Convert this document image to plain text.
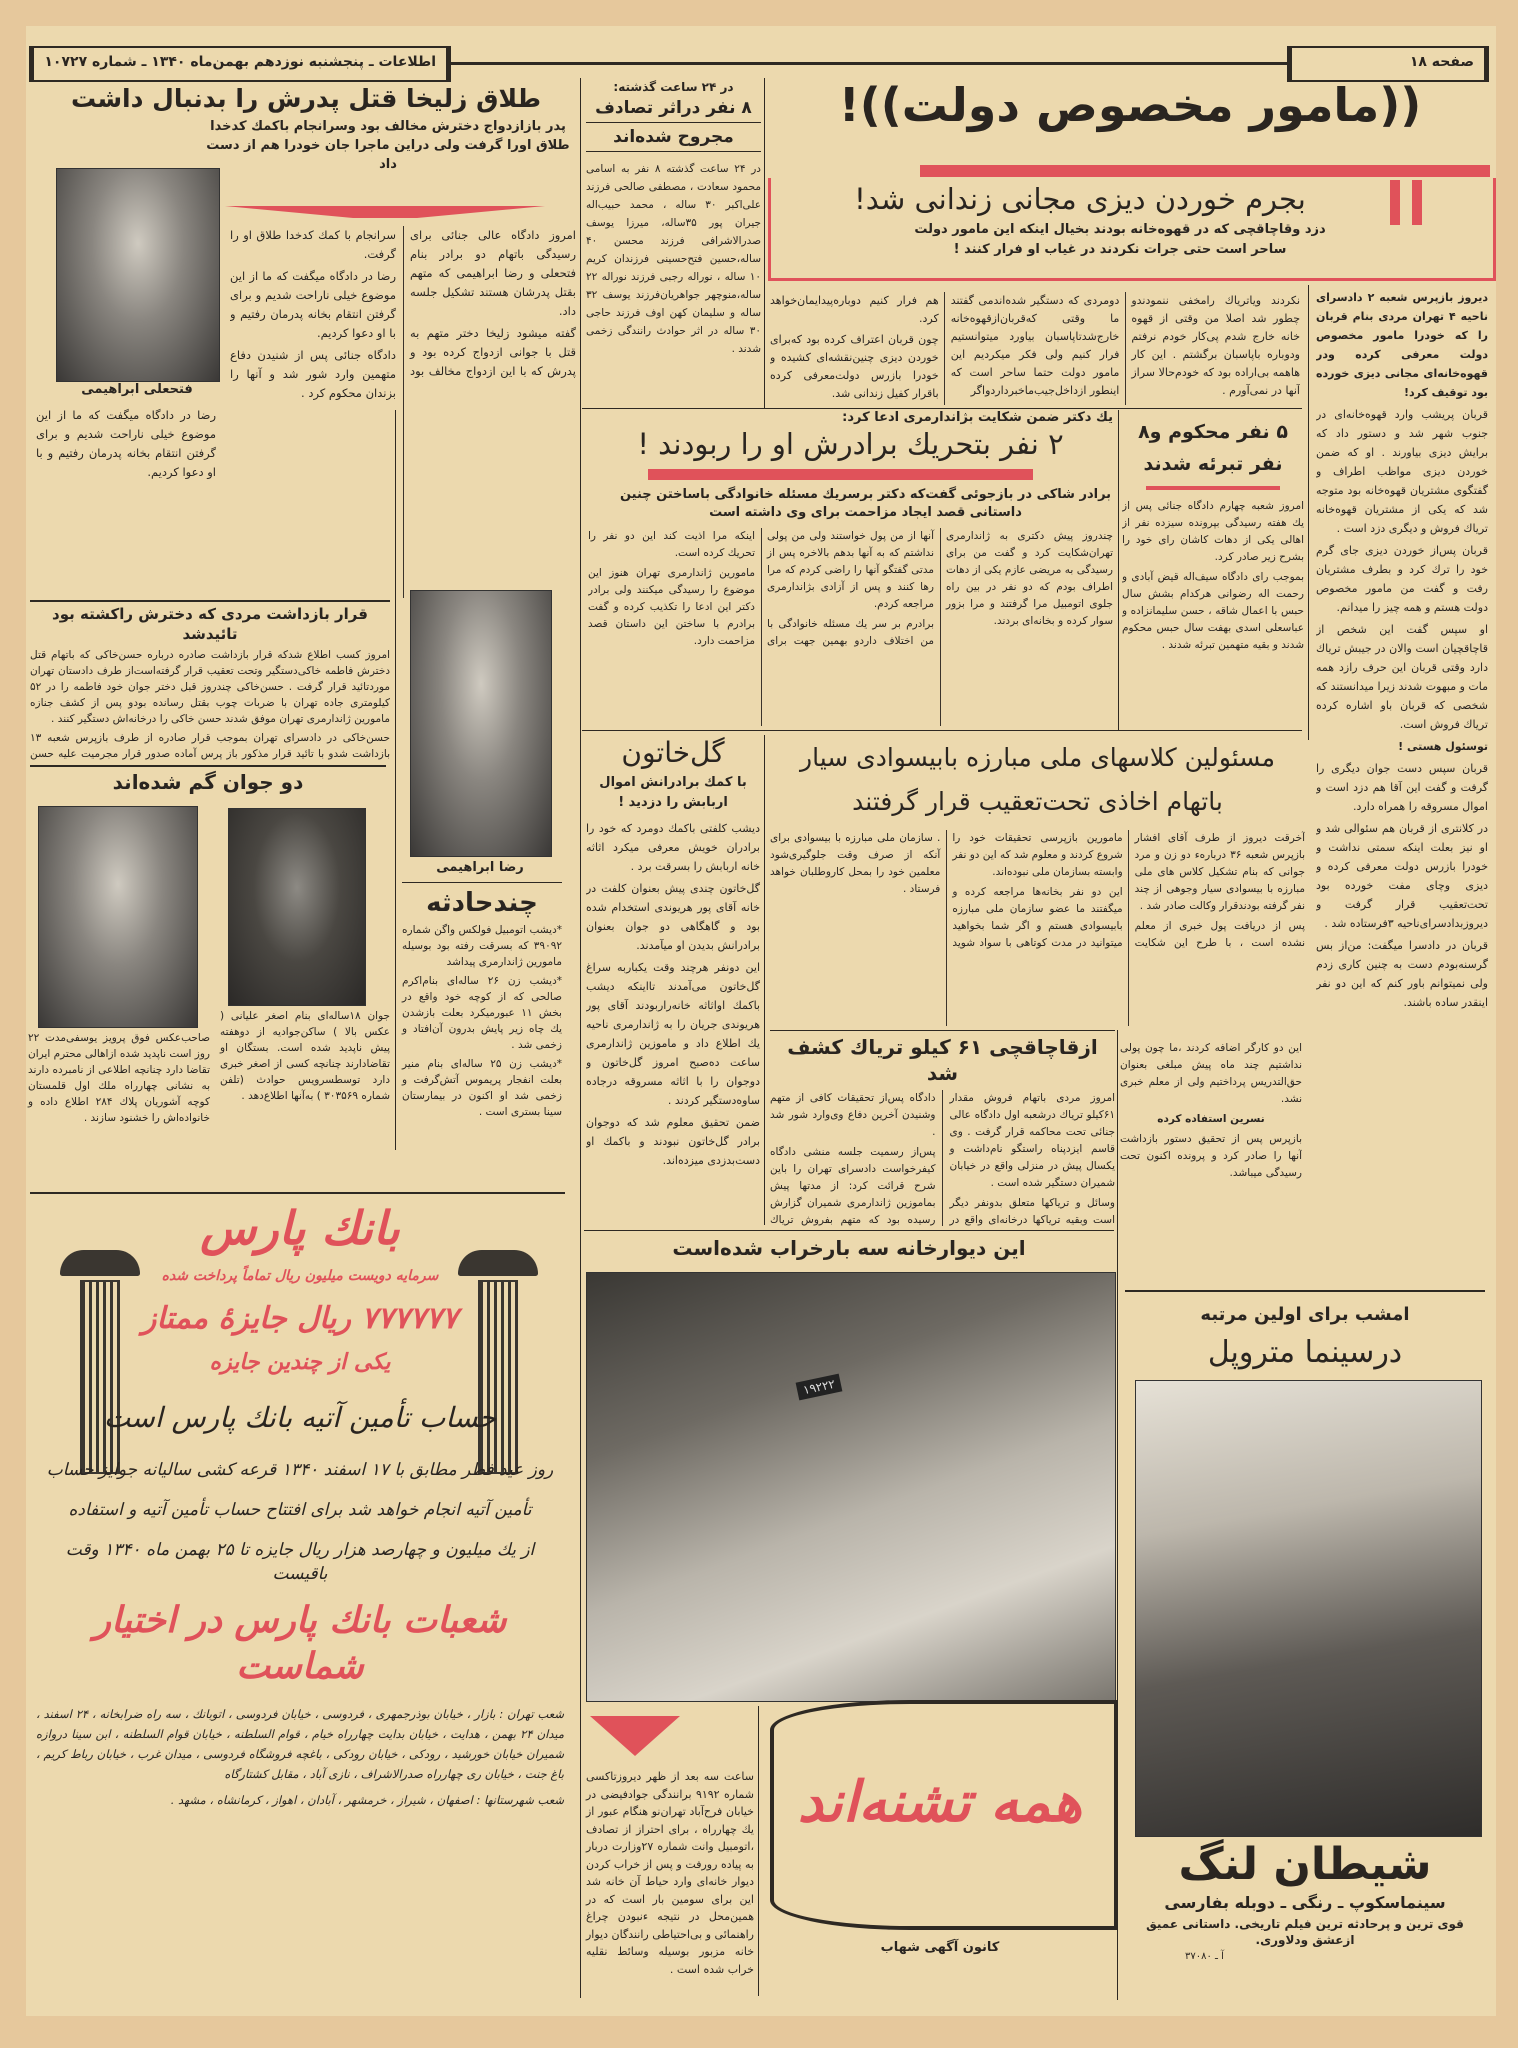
اطلاعات ـ پنجشنبه نوزدهم بهمن‌ماه ۱۳۴۰ ـ شماره ۱۰۷۲۷	صفحه ۱۸
طلاق زلیخا قتل پدرش را بدنبال داشت
پدر بازازدواج دخترش مخالف بود وسرانجام باکمك کدخدا طلاق اورا گرفت ولی دراین ماجرا جان خودرا هم از دست داد
فتحعلی ابراهیمی

امروز دادگاه عالی جنائی برای رسیدگی باتهام دو برادر بنام فتحعلی و رضا ابراهیمی که متهم بقتل پدرشان هستند تشکیل جلسه داد.

گفته میشود زلیخا دختر متهم به قتل با جوانی ازدواج کرده بود و پدرش که با این ازدواج مخالف بود سرانجام با کمك کدخدا طلاق او را گرفت.

رضا در دادگاه میگفت که ما از این موضوع خیلی ناراحت شدیم و برای گرفتن انتقام بخانه پدرمان رفتیم و با او دعوا کردیم.

دادگاه جنائی پس از شنیدن دفاع متهمین وارد شور شد و آنها را بزندان محکوم کرد .

رضا در دادگاه میگفت که ما از این موضوع خیلی ناراحت شدیم و برای گرفتن انتقام بخانه پدرمان رفتیم و با او دعوا کردیم.

قرار بازداشت مردی که دخترش راکشته بود تائیدشد

امروز کسب اطلاع شدکه قرار بازداشت صادره درباره حسن‌خاکی که باتهام قتل دخترش فاطمه خاکی‌دستگیر وتحت تعقیب قرار گرفته‌است‌از طرف دادستان تهران موردتائید قرار گرفت . حسن‌خاکی چندروز قبل دختر جوان خود فاطمه را در ۵۲ کیلومتری جاده تهران با ضربات چوب بقتل رسانده بودو پس از کشف جنازه مامورین ژاندارمری تهران موفق شدند حسن خاکی را درخانه‌اش دستگیر کنند .

حسن‌خاکی در دادسرای تهران بموجب قرار صادره از طرف بازپرس شعبه ۱۳ بازداشت شدو با تائید قرار مذکور باز پرس آماده صدور قرار مجرمیت علیه حسن

رضا ابراهیمی
دو جوان گم شده‌اند
صاحب‌عکس فوق پرویز یوسفی‌مدت ۲۲ روز است ناپدید شده ازاهالی محترم ایران تقاضا دارد چنانچه اطلاعی از نامبرده دارند به نشانی چهارراه ملك اول قلمستان کوچه آشوریان پلاك ۲۸۴ اطلاع داده و خانواده‌اش را خشنود سازند .
جوان ۱۸ساله‌ای بنام اصغر علیانی ( عکس بالا ) ساکن‌جوادیه از دوهفته پیش ناپدید شده است. بستگان او تقاضادارند چنانچه کسی از اصغر خبری دارد توسطسرویس حوادث (تلفن شماره ۳۰۳۵۶۹ ) به‌آنها اطلاع‌دهد .
چندحادثه

*دیشب اتومبیل فولکس واگن شماره ۳۹۰۹۲ که بسرقت رفته بود بوسیله مامورین ژاندارمری پیداشد

*دیشب زن ۲۶ ساله‌ای بنام‌اکرم صالحی که از کوچه خود واقع در بخش ۱۱ عبورمیکرد بعلت بازشدن یك چاه زیر پایش بدرون آن‌افتاد و زخمی شد .

*دیشب زن ۲۵ ساله‌ای بنام منیر بعلت انفجار پریموس آتش‌گرفت و زخمی شد او اکنون در بیمارستان سینا بستری است .

در ۲۴ ساعت گذشته:
۸ نفر دراثر تصادف
مجروح شده‌اند
در ۲۴ ساعت گذشته ۸ نفر به اسامی محمود سعادت ، مصطفی صالحی فرزند علی‌اکبر ۳۰ ساله ، محمد حبیب‌اله جیران پور ۳۵ساله، میرزا یوسف صدرالاشرافی فرزند محسن ۴۰ ساله،حسین فتح‌حسینی فرزندان کریم ۱۰ ساله ، نوراله رجبی فرزند نوراله ۲۲ ساله،منوچهر جواهریان‌فرزند یوسف ۳۲ ساله و سلیمان کهن اوف فرزند حاجی ۳۰ ساله در اثر حوادث رانندگی زخمی شدند .
((مامور مخصوص دولت))!
بجرم خوردن دیزی مجانی زندانی شد!
دزد وقاچاقچی که در قهوه‌خانه بودند بخیال اینکه این مامور دولت ساحر است حتی جرات نکردند در غیاب او فرار کنند !

نکردند ویاتریاك رامخفی ننمودندو چطور شد اصلا من وقتی از قهوه خانه خارج شدم پی‌کار خودم نرفتم ودوباره باپاسبان برگشتم . این کار هاهمه بی‌اراده بود که خودم‌حالا سراز آنها در نمی‌آورم .

دومردی که دستگیر شده‌اندمی گفتند ما وقتی که‌قربان‌ازقهوه‌خانه خارج‌شدتاپاسبان بیاورد میتوانستیم فرار کنیم ولی فکر میکردیم این مامور دولت حتما ساحر است که اینطور ازداخل‌جیب‌ماخبرداردواگر

هم فرار کنیم دوباره‌پیدایمان‌خواهد کرد.

چون قربان اعتراف کرده بود که‌برای خوردن دیزی چنین‌نقشه‌ای کشیده و خودرا بازرس دولت‌معرفی کرده باقرار کفیل زندانی شد.

دیروز بازپرس شعبه ۲ دادسرای ناحیه ۴ تهران مردی بنام قربان را که خودرا مامور مخصوص دولت معرفی کرده ودر قهوه‌خانه‌ای مجانی دیزی خورده بود توقیف کرد!

قربان پریشب وارد قهوه‌خانه‌ای در جنوب شهر شد و دستور داد که برایش دیزی بیاورند . او که ضمن خوردن دیزی مواظب اطراف و گفتگوی مشتریان قهوه‌خانه بود متوجه شد که یکی از مشتریان قهوه‌خانه تریاك فروش و دیگری دزد است .

قربان پس‌از خوردن دیزی جای گرم خود را ترك کرد و بطرف مشتریان رفت و گفت من مامور مخصوص دولت هستم و همه چیز را میدانم.

او سپس گفت این شخص از قاچاقچیان است والان در جیبش تریاك دارد وقتی قربان این حرف رازد همه مات و مبهوت شدند زیرا میدانستند که شخصی که قربان باو اشاره کرده تریاك فروش است.

توسئول هستی !

قربان سپس دست جوان دیگری را گرفت و گفت این آقا هم دزد است و اموال مسروقه را همراه دارد.

در کلانتری از قربان هم سئوالی شد و او نیز بعلت اینکه سمتی نداشت و خودرا بازرس دولت معرفی کرده و دیزی وچای مفت خورده بود تحت‌تعقیب قرار گرفت و دیروزبدادسرای‌ناحیه ۳فرستاده شد .

قربان در دادسرا میگفت: من‌از بس گرسنه‌بودم دست به چنین کاری زدم ولی نمیتوانم باور کنم که این دو نفر اینقدر ساده باشند.

یك دکتر ضمن شکایت بژاندارمری ادعا کرد:
۲ نفر بتحریك برادرش او را ربودند !
برادر شاکی در بازجوئی گفت‌که دکتر برسریك مسئله خانوادگی باساختن چنین داستانی قصد ایجاد مزاحمت برای وی داشته است

چندروز پیش دکتری به ژاندارمری تهران‌شکایت کرد و گفت من برای رسیدگی به مریضی عازم یکی از دهات اطراف بودم که دو نفر در بین راه جلوی اتومبیل مرا گرفتند و مرا بزور سوار کرده و بخانه‌ای بردند.

آنها از من پول خواستند ولی من پولی نداشتم که به آنها بدهم بالاخره پس از مدتی گفتگو آنها را راضی کردم که مرا رها کنند و پس از آزادی بژاندارمری مراجعه کردم.

برادرم بر سر یك مسئله خانوادگی با من اختلاف داردو بهمین جهت برای اینکه مرا اذیت کند این دو نفر را تحریك کرده است.

مامورین ژاندارمری تهران هنوز این موضوع را رسیدگی میکنند ولی برادر دکتر این ادعا را تکذیب کرده و گفت برادرم با ساختن این داستان قصد مزاحمت دارد.

۵ نفر محکوم و۸ نفر تبرئه شدند

امروز شعبه چهارم دادگاه جنائی پس از یك هفته رسیدگی بپرونده سیزده نفر از اهالی یکی از دهات کاشان رای خود را بشرح زیر صادر کرد.

بموجب رای دادگاه سیف‌اله قیض آبادی و رحمت اله رضوانی هرکدام بشش سال حبس با اعمال شاقه ، حسن سلیمانزاده و عباسعلی‌ اسدی بهفت سال حبس محکوم شدند و بقیه متهمین تبرئه شدند .

گل‌خاتون
با کمك برادرانش اموال اربابش را دزدید !

دیشب کلفتی باکمك دومرد که خود را برادران خویش معرفی میکرد اثاثه خانه اربابش را بسرقت برد .

گل‌خاتون چندی پیش بعنوان کلفت در خانه آقای پور هریوندی استخدام شده بود و گاهگاهی دو جوان بعنوان برادرانش بدیدن او میآمدند.

این دونفر هرچند وقت یکباربه سراغ گل‌خاتون می‌آمدند تااینکه دیشب باکمك اواثاثه خانه‌راربودند آقای پور هریوندی جریان را به ژاندارمری ناحیه یك اطلاع داد و ماموزین ژاندارمری ساعت ده‌صبح امروز گل‌خاتون و دوجوان را با اثاثه مسروقه درجاده ساوه‌دستگیر کردند .

ضمن تحقیق معلوم شد که دوجوان برادر گل‌خاتون نبودند و باکمك او دست‌بدزدی میزده‌اند.

مسئولین کلاسهای ملی مبارزه بابیسوادی سیار باتهام اخاذی تحت‌تعقیب قرار گرفتند

آخرقت دیروز از طرف آقای افشار بازپرس شعبه ۳۶ دربارهء دو زن و مرد جوانی که بنام تشکیل کلاس های ملی مبارزه با بیسوادی سیار وجوهی از چند نفر گرفته بودندقرار وکالت صادر شد .

پس از دریافت پول خبری از معلم نشده است ، با طرح این شکایت مامورین بازپرسی تحقیقات خود را شروع کردند و معلوم شد که این دو نفر وابسته بسازمان ملی نبوده‌اند.

این دو نفر بخانه‌ها مراجعه کرده و میگفتند ما عضو سازمان ملی مبارزه بابیسوادی هستم و اگر شما بخواهید میتوانید در مدت کوتاهی با سواد شوید . سازمان ملی مبارزه با بیسوادی برای آنکه از صرف وقت جلوگیری‌شود معلمین خود را بمحل کاروطلبان خواهد فرستاد .

این دو کارگر اضافه کردند ،ما چون پولی نداشتیم چند ماه پیش مبلغی بعنوان حق‌التدریس پرداختیم ولی از معلم خبری نشد.

نسرین استفاده کرده

بازپرس پس از تحقیق دستور بازداشت آنها را صادر کرد و پرونده اکنون تحت رسیدگی میباشد.

ازقاچاقچی ۶۱ کیلو تریاك کشف شد

امروز مردی باتهام فروش مقدار ۶۱کیلو تریاك درشعبه اول دادگاه عالی جنائی تحت محاکمه قرار گرفت . وی قاسم ایزدپناه راستگو نام‌داشت و یکسال پیش در منزلی واقع در خیابان شمیران دستگیر شده است .

وسائل و تریاکها متعلق بدونفر دیگر است وبقیه تریاکها درخانه‌ای واقع در

دادگاه پس‌از تحقیقات کافی از متهم وشنیدن آخرین دفاع وی‌وارد شور شد .

پس‌از رسمیت جلسه منشی دادگاه کیفرخواست دادسرای تهران را باین شرح قرائت کرد: از مدتها پیش بماموزین ژاندارمری شمیران گزارش رسیده بود که متهم بفروش تریاك

این دیوارخانه سه بارخراب شده‌است
۱۹۲۲۲
ساعت سه بعد از ظهر دیروزتاکسی شماره ۹۱۹۲ برانندگی جوادفیضی در خیابان فرح‌آباد تهران‌نو هنگام عبور از یك چهارراه ، برای احتراز از تصادف ،اتومبیل وانت شماره ۲۷وزارت دربار به پیاده رورفت و پس از خراب کردن دیوار خانه‌ای وارد حیاط آن خانه شد این برای سومین بار است که در همین‌محل در نتیجه ءنبودن چراغ راهنمائی و بی‌احتیاطی رانندگان دیوار خانه مزبور بوسیله وسائط نقلیه خراب شده است .
همه تشنه‌اند
کانون آگهی شهاب
امشب برای اولین مرتبه
درسینما متروپل
شیطان لنگ
سینماسکوپ ـ رنگی ـ دوبله بفارسی
قوی ترین و پرحادثه ترین فیلم تاریخی. داستانی عمیق ازعشق ودلاوری.
آ ـ ۳۷۰۸۰
بانك پارس
سرمایه دویست میلیون ریال تماماً پرداخت شده
۷۷۷۷۷۷ ریال جایزهٔ ممتاز
یکی از چندین جایزه
حساب تأمین آتیه بانك پارس است
روز عید فطر مطابق با ۱۷ اسفند ۱۳۴۰ قرعه کشی سالیانه جوایز حساب
تأمین آتیه انجام خواهد شد برای افتتاح حساب تأمین آتیه و استفاده
از یك میلیون و چهارصد هزار ریال جایزه تا ۲۵ بهمن ماه ۱۳۴۰ وقت باقیست
شعبات بانك پارس در اختیار شماست
شعب تهران : بازار ، خیابان بوذرجمهری ، فردوسی ، خیابان فردوسی ، اتوبانك ، سه راه ضرابخانه ، ۲۴ اسفند ، میدان ۲۴ بهمن ، هدایت ، خیابان بدایت چهارراه خیام ، قوام السلطنه ، خیابان قوام السلطنه ، ابن سینا دروازه شمیران خیابان خورشید ، رودکی ، خیابان رودکی ، باغچه فروشگاه فردوسی ، میدان غرب ، خیابان رباط کریم ، باغ جنت ، خیابان ری چهارراه صدرالاشراف ، نازی آباد ، مقابل کشتارگاه
شعب شهرستانها : اصفهان ، شیراز ، خرمشهر ، آبادان ، اهواز ، کرمانشاه ، مشهد .
